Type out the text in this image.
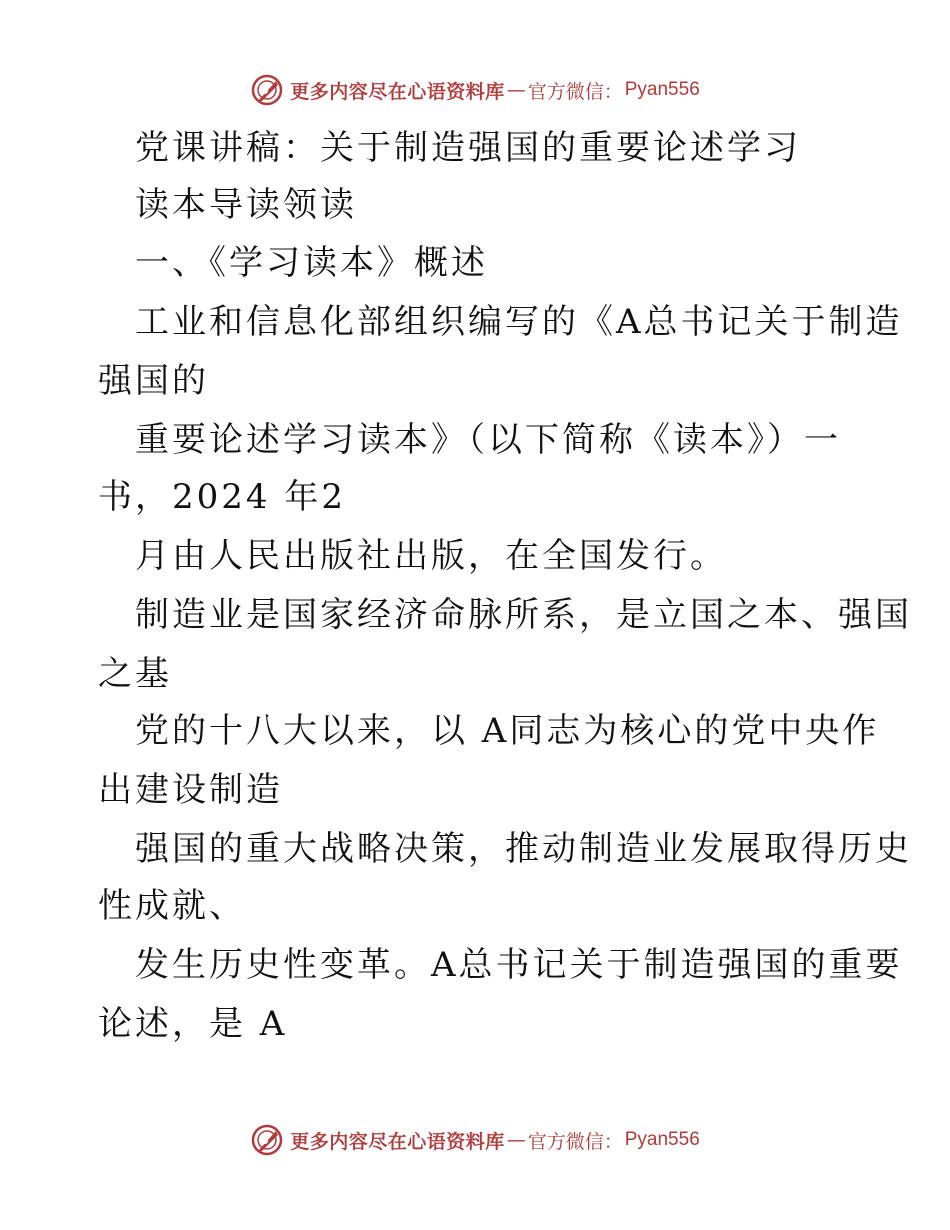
更多内容尽在心语资料库 — 官方微信： Pyan556
党课讲稿：关于制造强国的重要论述学习
读本导读领读
一、《学习读本》概述
工业和信息化部组织编写的《A总书记关于制造
强国的
重要论述学习读本》（以下简称《读本》）一
书，2024 年2
月由人民出版社出版，在全国发行。
制造业是国家经济命脉所系，是立国之本、强国
之基
党的十八大以来，以 A同志为核心的党中央作
出建设制造
强国的重大战略决策，推动制造业发展取得历史
性成就、
发生历史性变革。A总书记关于制造强国的重要
论述，是 A
更多内容尽在心语资料库 — 官方微信： Pyan556
